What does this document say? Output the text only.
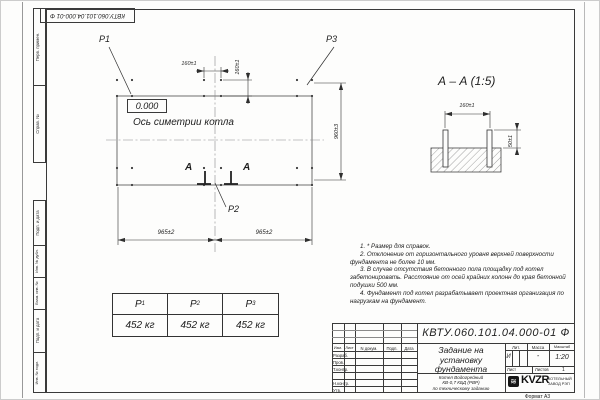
КВТУ.060.101.04.000-01 Ф
Перв. примен.
Справ. №
Подп. и дата
Инв. № дубл.
Взам. инв. №
Подп. и дата
Инв. № подл.
P1	P3
P2
160±1	160±1
960±3
965±2	965±2
0.000
Ось симетрии котла
А	А
А – А (1:5)
160±1
50±1

1. * Размер для справок.

2. Отклонение от горизонтального уровня верхней поверхности фундамента не более 10 мм.

3. В случае отсутствия бетонного пола площадку под котел забетонировать. Расстояние от осей крайних колонн до края бетонной подушки 500 мм.

4. Фундамент под котел разрабатывает проектная организация по нагрузкам на фундамент.

Р 1	Р 2	Р 3
452 кг	452 кг	452 кг
КВТУ.060.101.04.000-01 Ф
Изм. Лист	N докум.	Подп.	Дата
Разраб.
Пров.
Т.контр.
Н.контр.
Утв.
Задание на
установку
фундамента
Котел Водогрейный
КВ-0,7 КБД (РВР)
по техническому заданию
Лит.	Масса	Масштаб
И	-	1:20
Лист	Листов	1
≋ KVZR КОТЕЛЬНЫЙ
ЗАВОД РЭП
Формат А3
